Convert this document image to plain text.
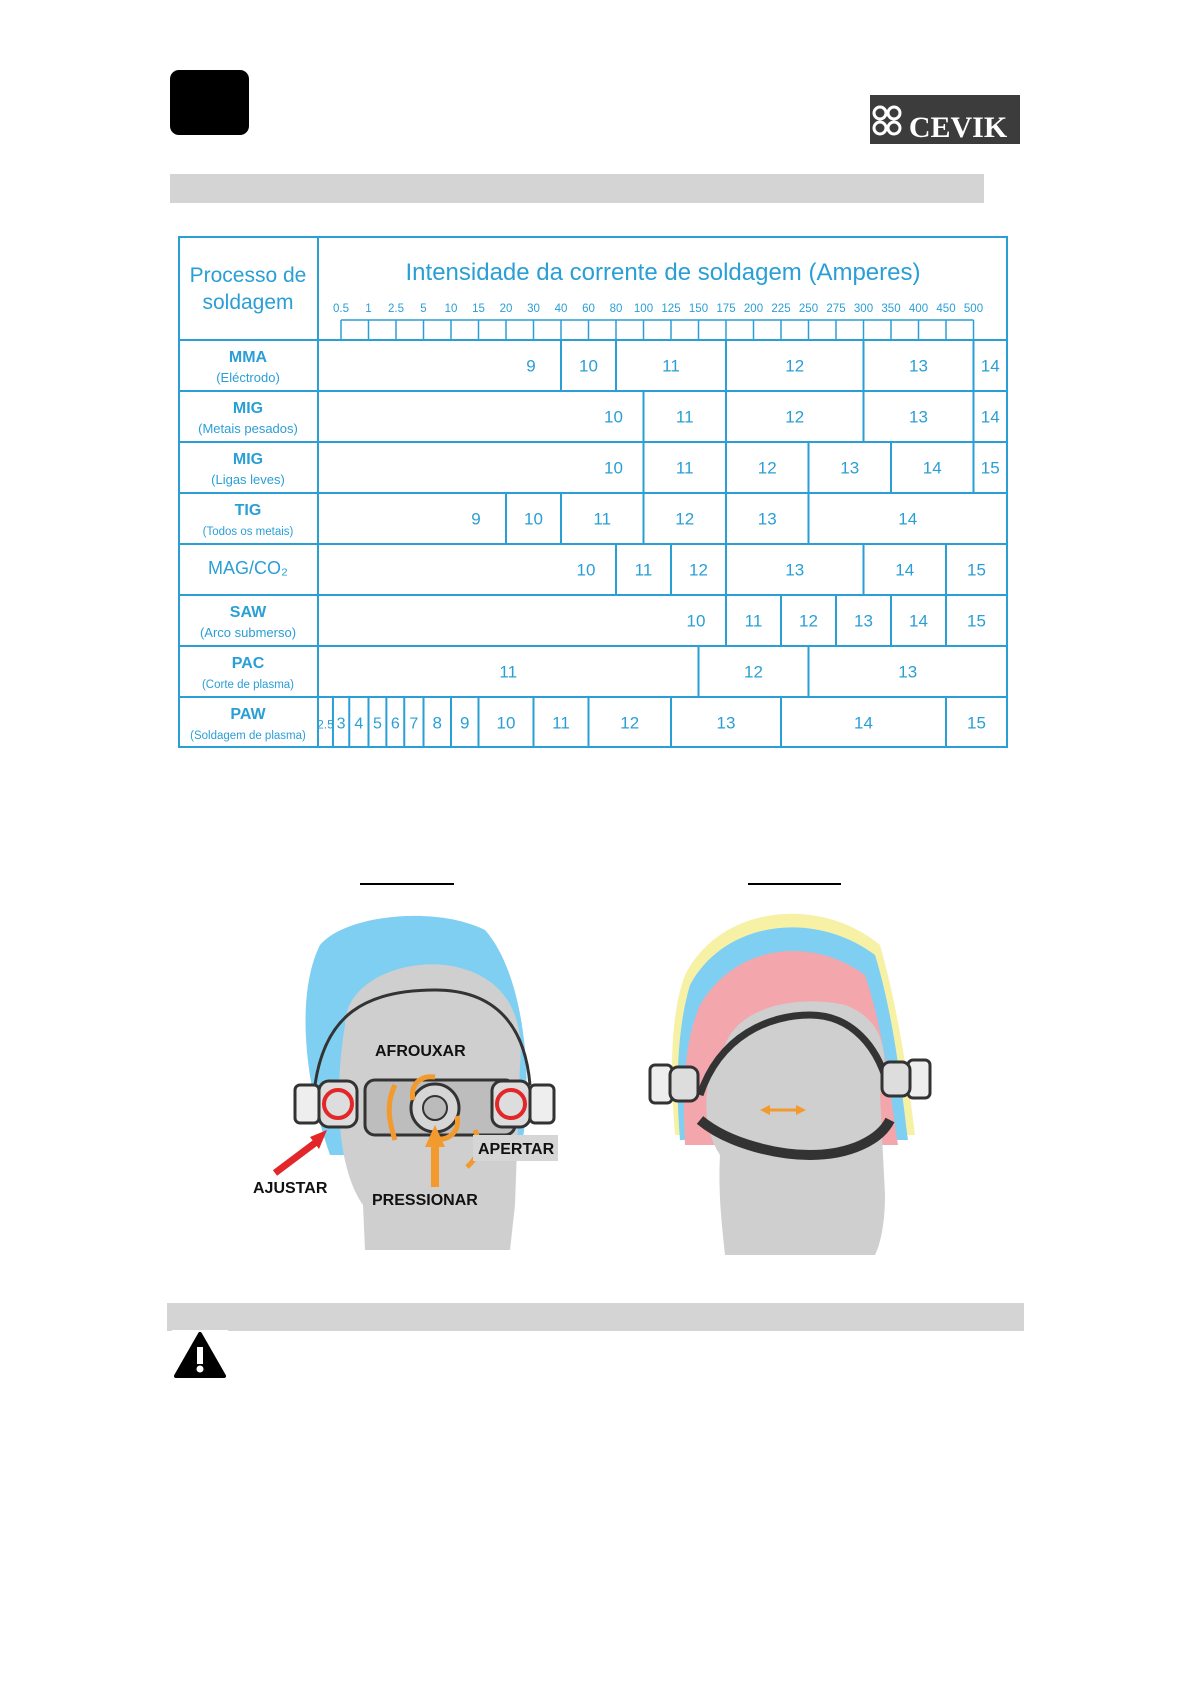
CEVIK
Processo de
soldagem
Intensidade da corrente de soldagem (Amperes)
0.5 1 2.5 5 10 15 20 30 40 60 80 100 125 150 175 200 225 250 275 300 350 400 450 500
MMA
(Eléctrodo)
9	10	11	12	13	14
MIG
(Metais pesados)
10	11	12	13	14
MIG
(Ligas leves)
10	11	12	13	14 15
TIG
(Todos os metais)
9	10	11	12	13	14
MAG/CO₂	10 11 12	13	14	15
SAW
(Arco submerso)
10 11 12 13 14 15
PAC
(Corte de plasma)
11	12	13
PAW
(Soldagem de plasma)
2.5 3 4 5 6 7 8 9 10 11	12	13	14	15
AFROUXAR
APERTAR
AJUSTAR
PRESSIONAR
